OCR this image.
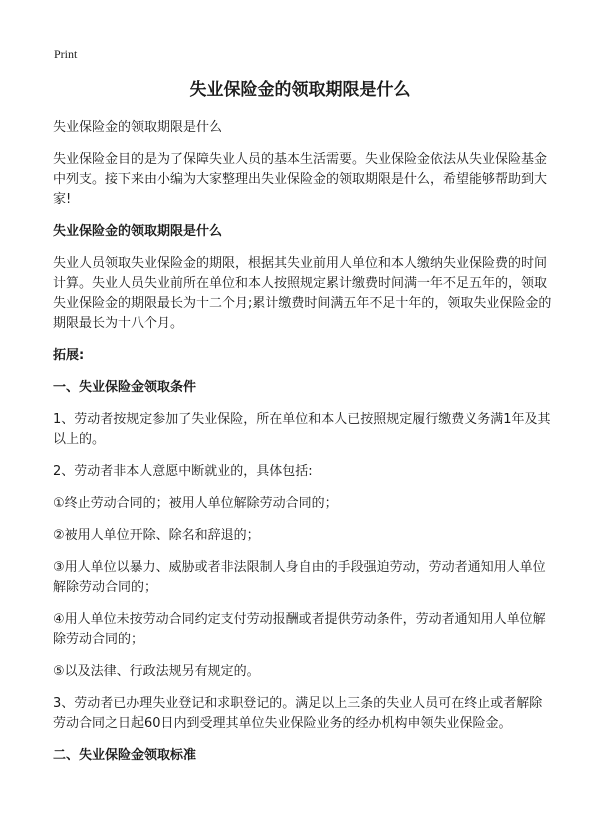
Print
失业保险金的领取期限是什么

失业保险金的领取期限是什么

失业保险金目的是为了保障失业人员的基本生活需要。失业保险金依法从失业保险基金中列支。接下来由小编为大家整理出失业保险金的领取期限是什么，希望能够帮助到大家!

失业保险金的领取期限是什么

失业人员领取失业保险金的期限，根据其失业前用人单位和本人缴纳失业保险费的时间计算。失业人员失业前所在单位和本人按照规定累计缴费时间满一年不足五年的，领取失业保险金的期限最长为十二个月;累计缴费时间满五年不足十年的，领取失业保险金的期限最长为十八个月。

拓展:

一、失业保险金领取条件

1、劳动者按规定参加了失业保险，所在单位和本人已按照规定履行缴费义务满1年及其以上的。

2、劳动者非本人意愿中断就业的，具体包括:

①终止劳动合同的；被用人单位解除劳动合同的；

②被用人单位开除、除名和辞退的；

③用人单位以暴力、威胁或者非法限制人身自由的手段强迫劳动，劳动者通知用人单位解除劳动合同的；

④用人单位未按劳动合同约定支付劳动报酬或者提供劳动条件，劳动者通知用人单位解除劳动合同的；

⑤以及法律、行政法规另有规定的。

3、劳动者已办理失业登记和求职登记的。满足以上三条的失业人员可在终止或者解除劳动合同之日起60日内到受理其单位失业保险业务的经办机构申领失业保险金。

二、失业保险金领取标准
